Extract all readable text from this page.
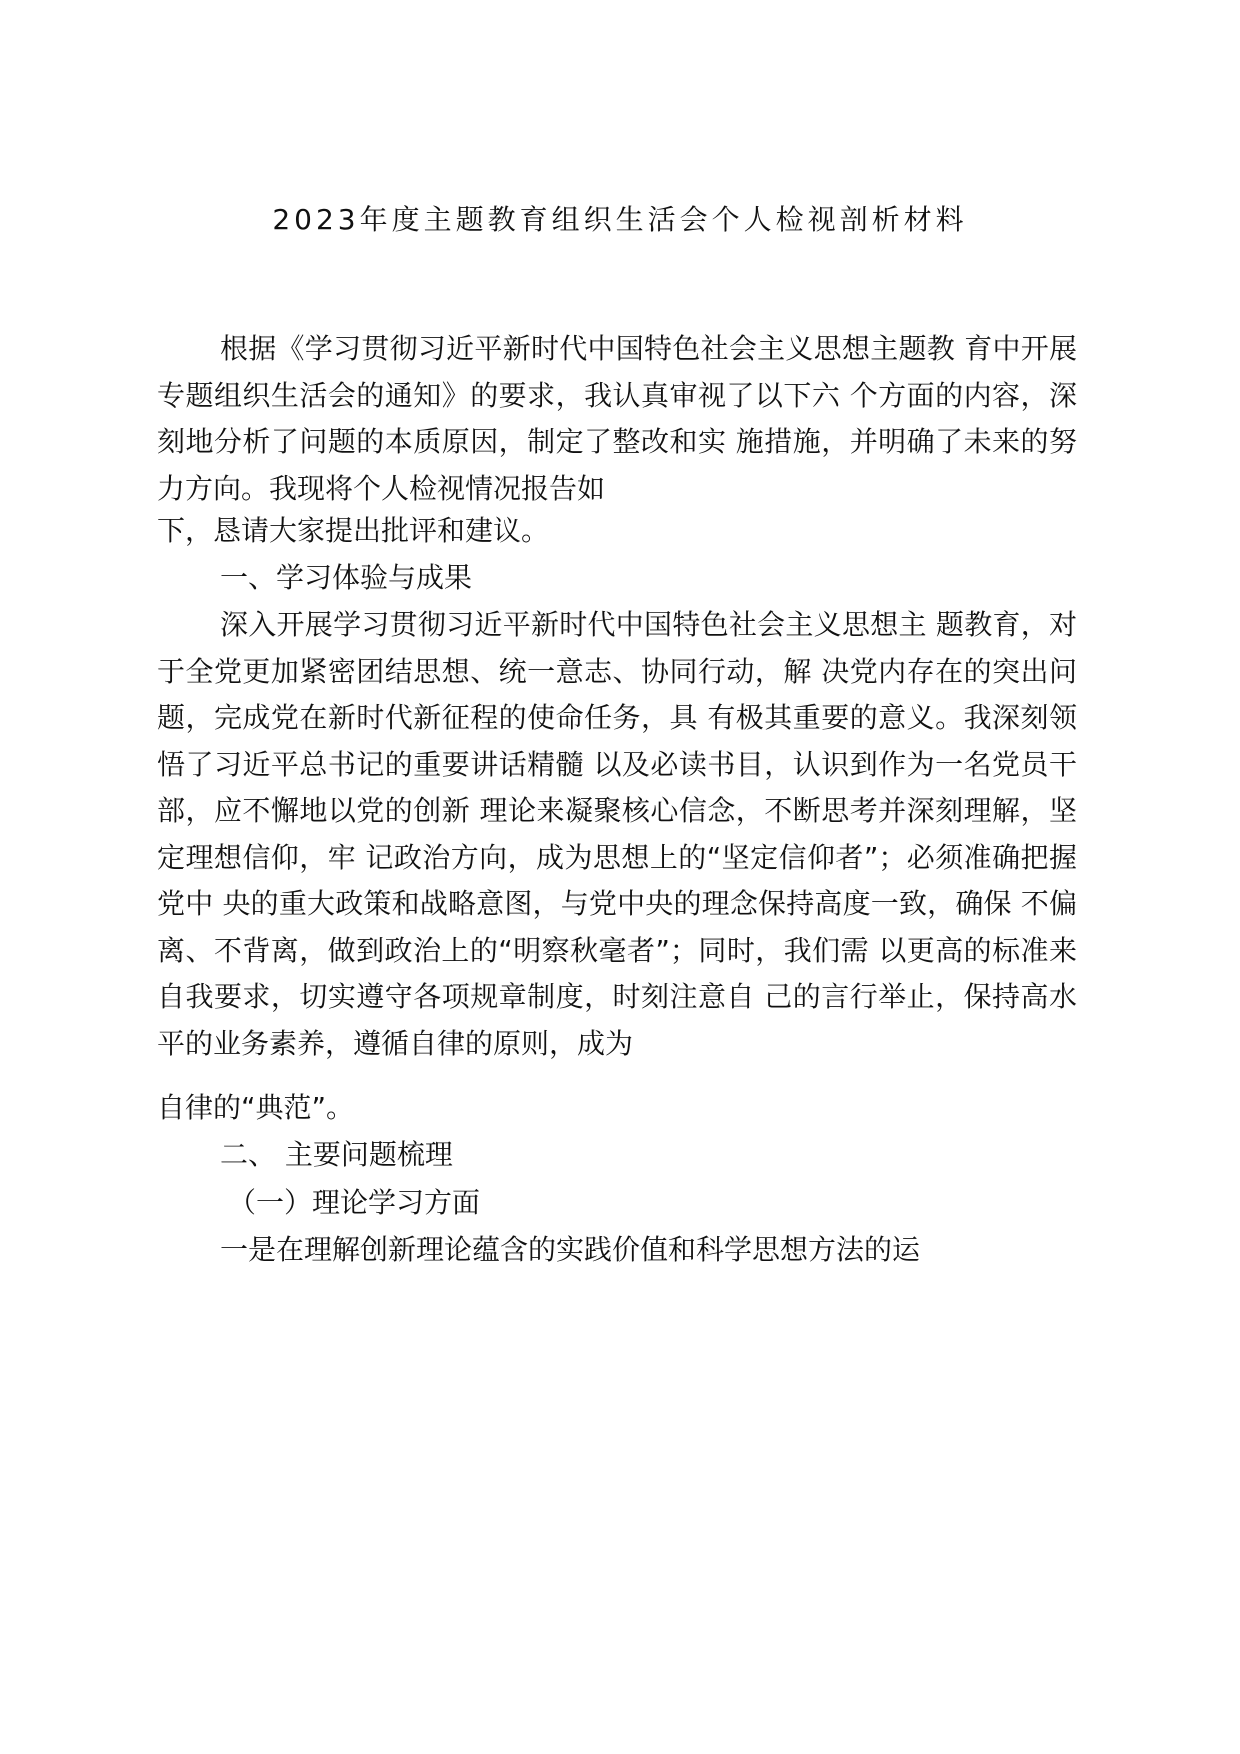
2023年度主题教育组织生活会个人检视剖析材料

根据《学习贯彻习近平新时代中国特色社会主义思想主题教 育中开展专题组织生活会的通知》的要求，我认真审视了以下六 个方面的内容，深刻地分析了问题的本质原因，制定了整改和实 施措施，并明确了未来的努力方向。我现将个人检视情况报告如

下，恳请大家提出批评和建议。

一、学习体验与成果

深入开展学习贯彻习近平新时代中国特色社会主义思想主 题教育，对于全党更加紧密团结思想、统一意志、协同行动，解 决党内存在的突出问题，完成党在新时代新征程的使命任务，具 有极其重要的意义。我深刻领悟了习近平总书记的重要讲话精髓 以及必读书目，认识到作为一名党员干部，应不懈地以党的创新 理论来凝聚核心信念，不断思考并深刻理解，坚定理想信仰，牢 记政治方向，成为思想上的“坚定信仰者”；必须准确把握党中 央的重大政策和战略意图，与党中央的理念保持高度一致，确保 不偏离、不背离，做到政治上的“明察秋毫者”；同时，我们需 以更高的标准来自我要求，切实遵守各项规章制度，时刻注意自 己的言行举止，保持高水平的业务素养，遵循自律的原则，成为

自律的“典范”。

二、 主要问题梳理

（一）理论学习方面

一是在理解创新理论蕴含的实践价值和科学思想方法的运
